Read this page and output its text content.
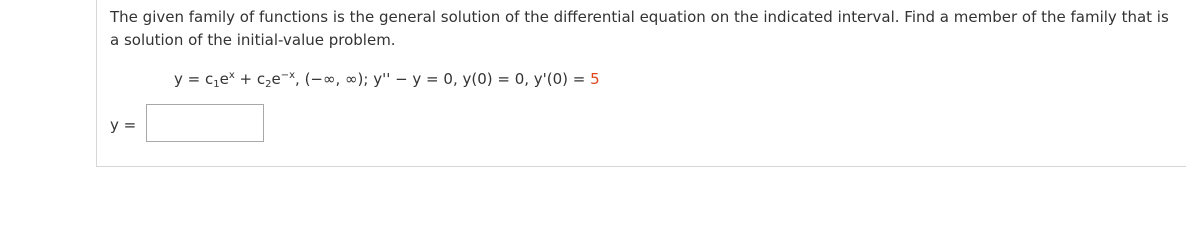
The given family of functions is the general solution of the differential equation on the indicated interval. Find a member of the family that is a solution of the initial-value problem.
$y = c_1e^x + c_2e^{-x}$, (−∞, ∞); y'' − y = 0, y(0) = 0, y'(0) = 5
y =
